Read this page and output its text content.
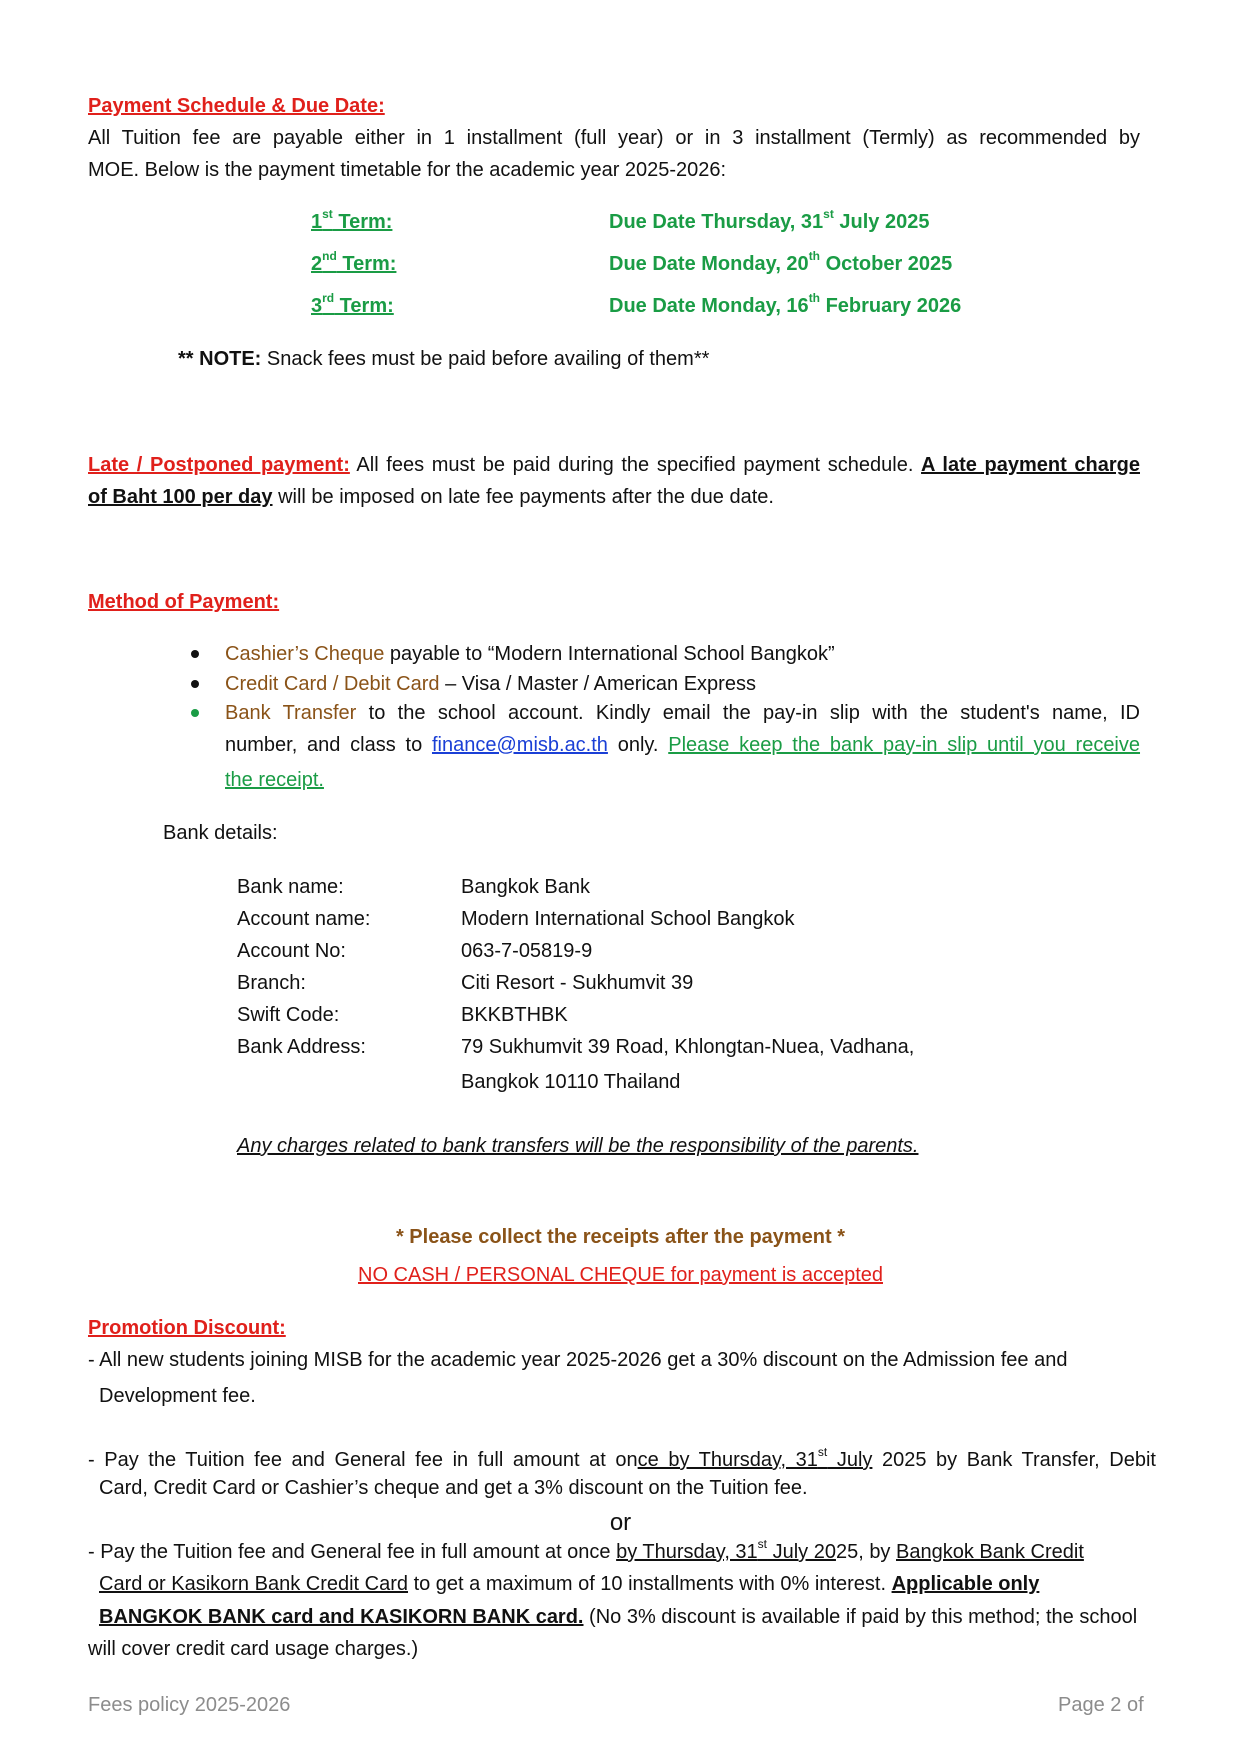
Payment Schedule & Due Date:
All Tuition fee are payable either in 1 installment (full year) or in 3 installment (Termly) as recommended by
MOE. Below is the payment timetable for the academic year 2025-2026:
1st Term:	Due Date Thursday, 31st July 2025
2nd Term:	Due Date Monday, 20th October 2025
3rd Term:	Due Date Monday, 16th February 2026
** NOTE: Snack fees must be paid before availing of them**
Late / Postponed payment: All fees must be paid during the specified payment schedule. A late payment charge
of Baht 100 per day will be imposed on late fee payments after the due date.
Method of Payment:
Cashier’s Cheque payable to “Modern International School Bangkok”
Credit Card / Debit Card – Visa / Master / American Express
Bank Transfer to the school account. Kindly email the pay-in slip with the student's name, ID
number, and class to finance@misb.ac.th only. Please keep the bank pay-in slip until you receive
the receipt.
Bank details:
Bank name:	Bangkok Bank
Account name:	Modern International School Bangkok
Account No:	063-7-05819-9
Branch:	Citi Resort - Sukhumvit 39
Swift Code:	BKKBTHBK
Bank Address:	79 Sukhumvit 39 Road, Khlongtan-Nuea, Vadhana,
Bangkok 10110 Thailand
Any charges related to bank transfers will be the responsibility of the parents.
* Please collect the receipts after the payment *
NO CASH / PERSONAL CHEQUE for payment is accepted
Promotion Discount:
- All new students joining MISB for the academic year 2025-2026 get a 30% discount on the Admission fee and
Development fee.
- Pay the Tuition fee and General fee in full amount at once by Thursday, 31st July 2025 by Bank Transfer, Debit
Card, Credit Card or Cashier’s cheque and get a 3% discount on the Tuition fee.
or
- Pay the Tuition fee and General fee in full amount at once by Thursday, 31st July 2025, by Bangkok Bank Credit
Card or Kasikorn Bank Credit Card to get a maximum of 10 installments with 0% interest. Applicable only
BANGKOK BANK card and KASIKORN BANK card. (No 3% discount is available if paid by this method; the school
will cover credit card usage charges.)
Fees policy 2025-2026	Page 2 of
